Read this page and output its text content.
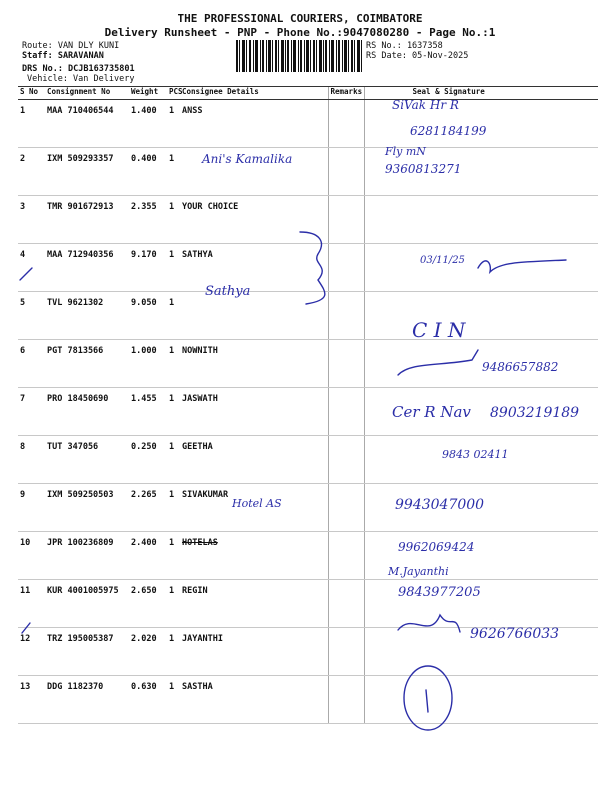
THE PROFESSIONAL COURIERS, COIMBATORE
Delivery Runsheet - PNP - Phone No.:9047080280 - Page No.:1
Route: VAN DLY KUNI
Staff: SARAVANAN
DRS No.: DCJB163735801
Vehicle: Van Delivery
RS No.: 1637358
RS Date: 05-Nov-2025
S No	Consignment No	Weight	PCS	Consignee Details	Remarks	Seal & Signature
1	MAA 710406544	1.400	1	ANSS		
2	IXM 509293357	0.400	1			
3	TMR 901672913	2.355	1	YOUR CHOICE		
4	MAA 712940356	9.170	1	SATHYA		
5	TVL 9621302	9.050	1			
6	PGT 7813566	1.000	1	NOWNITH		
7	PRO 18450690	1.455	1	JASWATH		
8	TUT 347056	0.250	1	GEETHA		
9	IXM 509250503	2.265	1	SIVAKUMAR		
10	JPR 100236809	2.400	1	HOTELAS		
11	KUR 4001005975	2.650	1	REGIN		
12	TRZ 195005387	2.020	1	JAYANTHI		
13	DDG 1182370	0.630	1	SASTHA		
SiVak Hr R
6281184199
Ani's Kamalika
Fly mN
9360813271
03/11/25
Sathya
C I N
9486657882
Cer R Nav 8903219189
9843 02411
Hotel AS	9943047000
9962069424
M.Jayanthi
9843977205
9626766033
